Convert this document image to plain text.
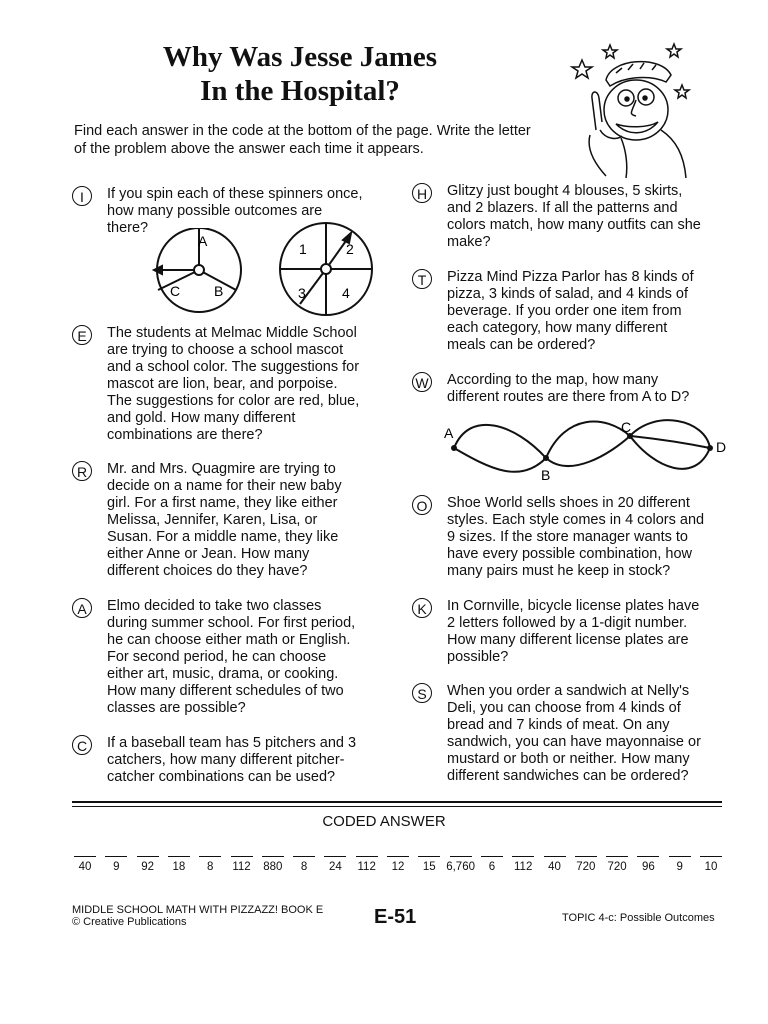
Why Was Jesse James
In the Hospital?
Find each answer in the code at the bottom of the page. Write the letter of the problem above the answer each time it appears.
I	If you spin each of these spinners once,
how many possible outcomes are
there?
A
C B
1	2
3	4
E	The students at Melmac Middle School
are trying to choose a school mascot
and a school color. The suggestions for
mascot are lion, bear, and porpoise.
The suggestions for color are red, blue,
and gold. How many different
combinations are there?
R	Mr. and Mrs. Quagmire are trying to
decide on a name for their new baby
girl. For a first name, they like either
Melissa, Jennifer, Karen, Lisa, or
Susan. For a middle name, they like
either Anne or Jean. How many
different choices do they have?
A	Elmo decided to take two classes
during summer school. For first period,
he can choose either math or English.
For second period, he can choose
either art, music, drama, or cooking.
How many different schedules of two
classes are possible?
C	If a baseball team has 5 pitchers and 3
catchers, how many different pitcher-
catcher combinations can be used?
H	Glitzy just bought 4 blouses, 5 skirts,
and 2 blazers. If all the patterns and
colors match, how many outfits can she
make?
T	Pizza Mind Pizza Parlor has 8 kinds of
pizza, 3 kinds of salad, and 4 kinds of
beverage. If you order one item from
each category, how many different
meals can be ordered?
W According to the map, how many
different routes are there from A to D?
A
B
C
D
O	Shoe World sells shoes in 20 different
styles. Each style comes in 4 colors and
9 sizes. If the store manager wants to
have every possible combination, how
many pairs must he keep in stock?
K	In Cornville, bicycle license plates have
2 letters followed by a 1-digit number.
How many different license plates are
possible?
S	When you order a sandwich at Nelly's
Deli, you can choose from 4 kinds of
bread and 7 kinds of meat. On any
sandwich, you can have mayonnaise or
mustard or both or neither. How many
different sandwiches can be ordered?
CODED ANSWER
40	9	92	18	8	112	880	8	24	112	12	15 6,760	6	112	40	720	720	96	9	10
MIDDLE SCHOOL MATH WITH PIZZAZZ! BOOK E
© Creative Publications	E-51	TOPIC 4-c: Possible Outcomes
